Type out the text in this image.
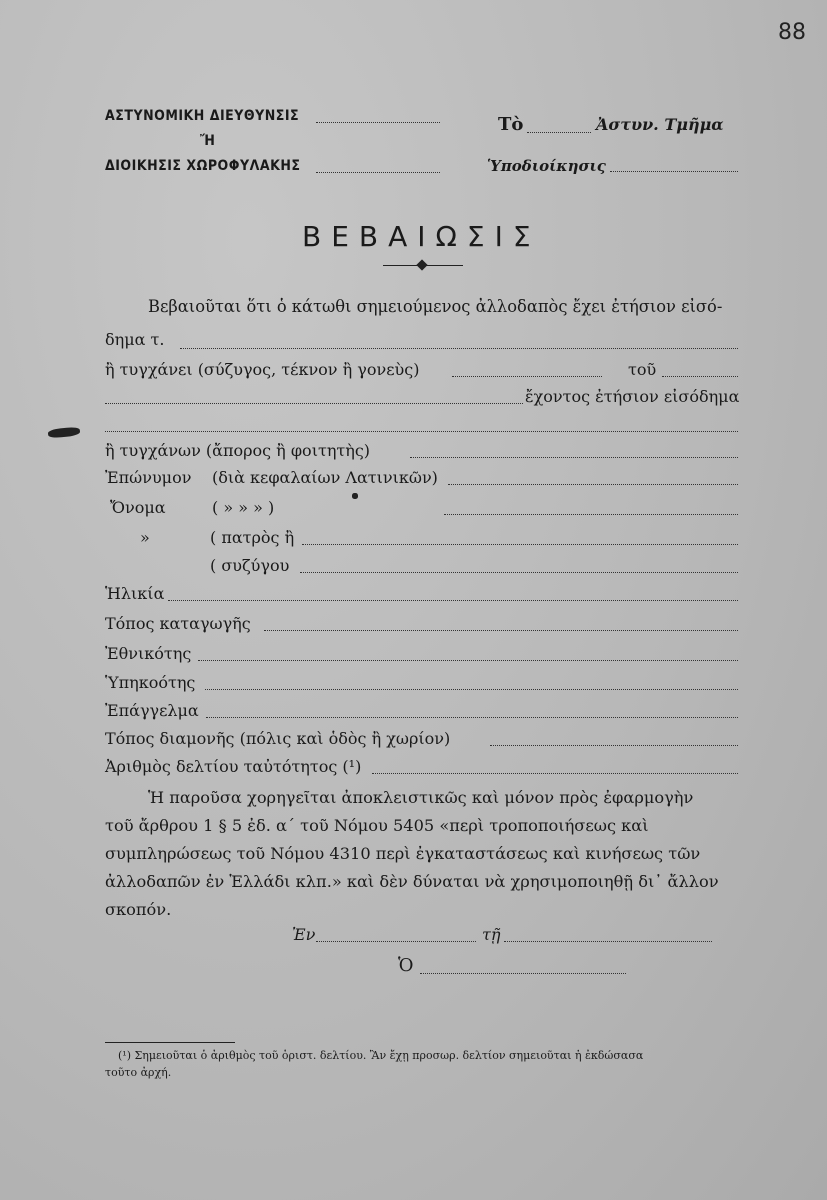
88
ΑΣΤΥΝΟΜΙΚΗ ΔΙΕΥΘΥΝΣΙΣ
Ἤ
ΔΙΟΙΚΗΣΙΣ ΧΩΡΟΦΥΛΑΚΗΣ
Τὸ	Ἀστυν. Τμῆμα
Ὑποδιοίκησις
ΒΕΒΑΙΩΣΙΣ
Βεβαιοῦται ὅτι ὁ κάτωθι σημειούμενος ἀλλοδαπὸς ἔχει ἐτήσιον εἰσό-
δημα τ.
ἢ τυγχάνει (σύζυγος, τέκνον ἢ γονεὺς)	τοῦ
ἔχοντος ἐτήσιον εἰσόδημα
ἢ τυγχάνων (ἄπορος ἢ φοιτητὴς)
Ἐπώνυμον (διὰ κεφαλαίων Λατινικῶν)
Ὄνομα	( » » » )
»	( πατρὸς ἢ
( συζύγου
Ἡλικία
Τόπος καταγωγῆς
Ἐθνικότης
Ὑπηκοότης
Ἐπάγγελμα
Τόπος διαμονῆς (πόλις καὶ ὁδὸς ἢ χωρίον)
Ἀριθμὸς δελτίου ταὐτότητος (¹)
Ἡ παροῦσα χορηγεῖται ἀποκλειστικῶς καὶ μόνον πρὸς ἐφαρμογὴν
τοῦ ἄρθρου 1 § 5 ἐδ. α΄ τοῦ Νόμου 5405 «περὶ τροποποιήσεως καὶ
συμπληρώσεως τοῦ Νόμου 4310 περὶ ἐγκαταστάσεως καὶ κινήσεως τῶν
ἀλλοδαπῶν ἐν Ἑλλάδι κλπ.» καὶ δὲν δύναται νὰ χρησιμοποιηθῇ δι᾿ ἄλλον
σκοπόν.
Ἐν	τῇ
Ὁ
(¹) Σημειοῦται ὁ ἀριθμὸς τοῦ ὁριστ. δελτίου. Ἂν ἔχῃ προσωρ. δελτίον σημειοῦται ἡ ἐκδώσασα
τοῦτο ἀρχή.
